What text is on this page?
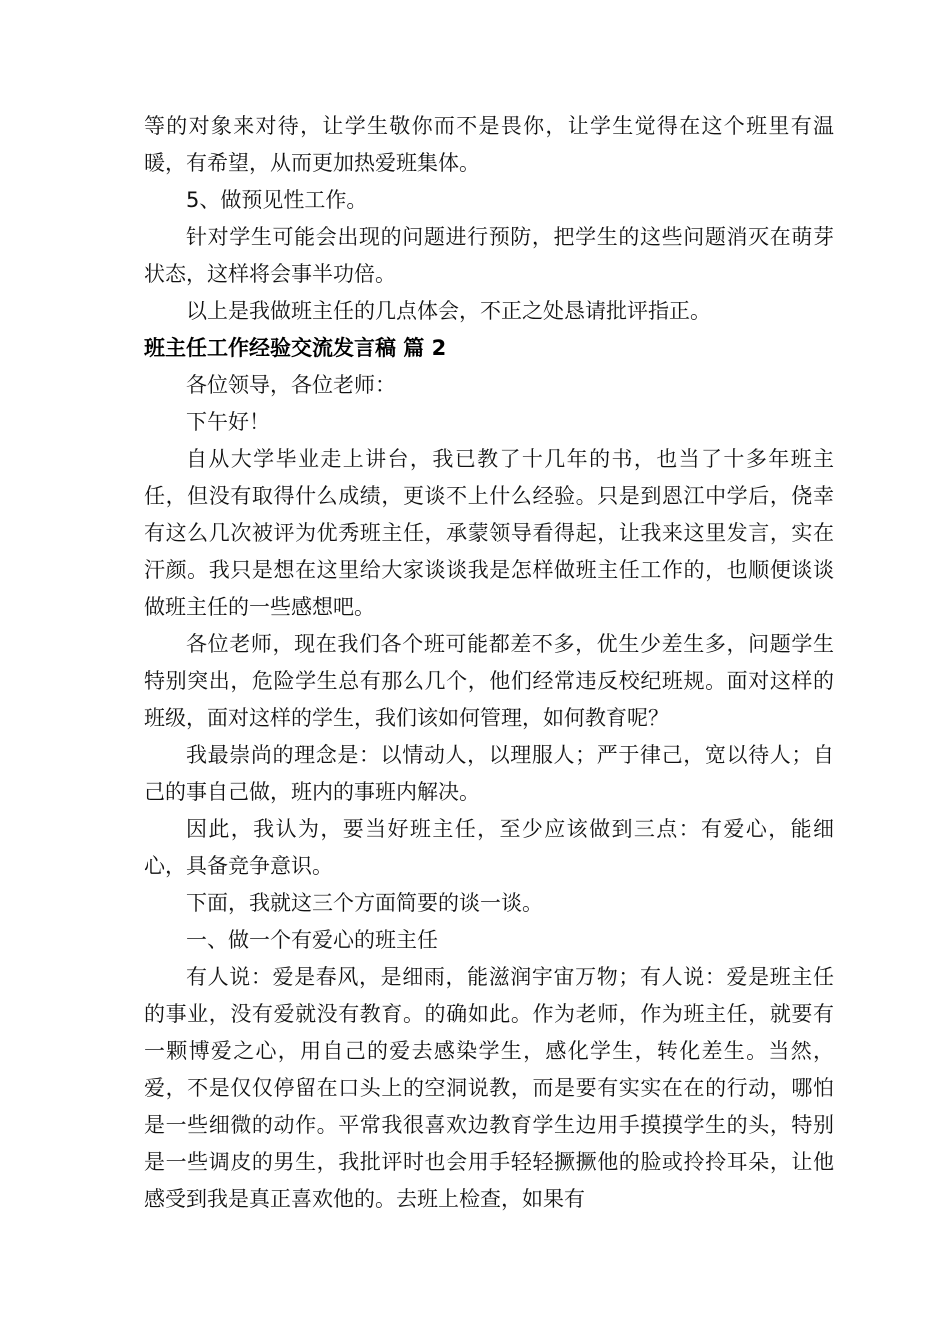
等的对象来对待，让学生敬你而不是畏你，让学生觉得在这个班里有温暖，有希望，从而更加热爱班集体。

5、做预见性工作。

针对学生可能会出现的问题进行预防，把学生的这些问题消灭在萌芽状态，这样将会事半功倍。

以上是我做班主任的几点体会，不正之处恳请批评指正。

班主任工作经验交流发言稿 篇 2

各位领导，各位老师：

下午好！

自从大学毕业走上讲台，我已教了十几年的书，也当了十多年班主任，但没有取得什么成绩，更谈不上什么经验。只是到恩江中学后，侥幸有这么几次被评为优秀班主任，承蒙领导看得起，让我来这里发言，实在汗颜。我只是想在这里给大家谈谈我是怎样做班主任工作的，也顺便谈谈做班主任的一些感想吧。

各位老师，现在我们各个班可能都差不多，优生少差生多，问题学生特别突出，危险学生总有那么几个，他们经常违反校纪班规。面对这样的班级，面对这样的学生，我们该如何管理，如何教育呢？

我最崇尚的理念是：以情动人，以理服人；严于律己，宽以待人；自己的事自己做，班内的事班内解决。

因此，我认为，要当好班主任，至少应该做到三点：有爱心，能细心，具备竞争意识。

下面，我就这三个方面简要的谈一谈。

一、做一个有爱心的班主任

有人说：爱是春风，是细雨，能滋润宇宙万物；有人说：爱是班主任的事业，没有爱就没有教育。的确如此。作为老师，作为班主任，就要有一颗博爱之心，用自己的爱去感染学生，感化学生，转化差生。当然，爱，不是仅仅停留在口头上的空洞说教，而是要有实实在在的行动，哪怕是一些细微的动作。平常我很喜欢边教育学生边用手摸摸学生的头，特别是一些调皮的男生，我批评时也会用手轻轻撅撅他的脸或拎拎耳朵，让他感受到我是真正喜欢他的。去班上检查，如果有
